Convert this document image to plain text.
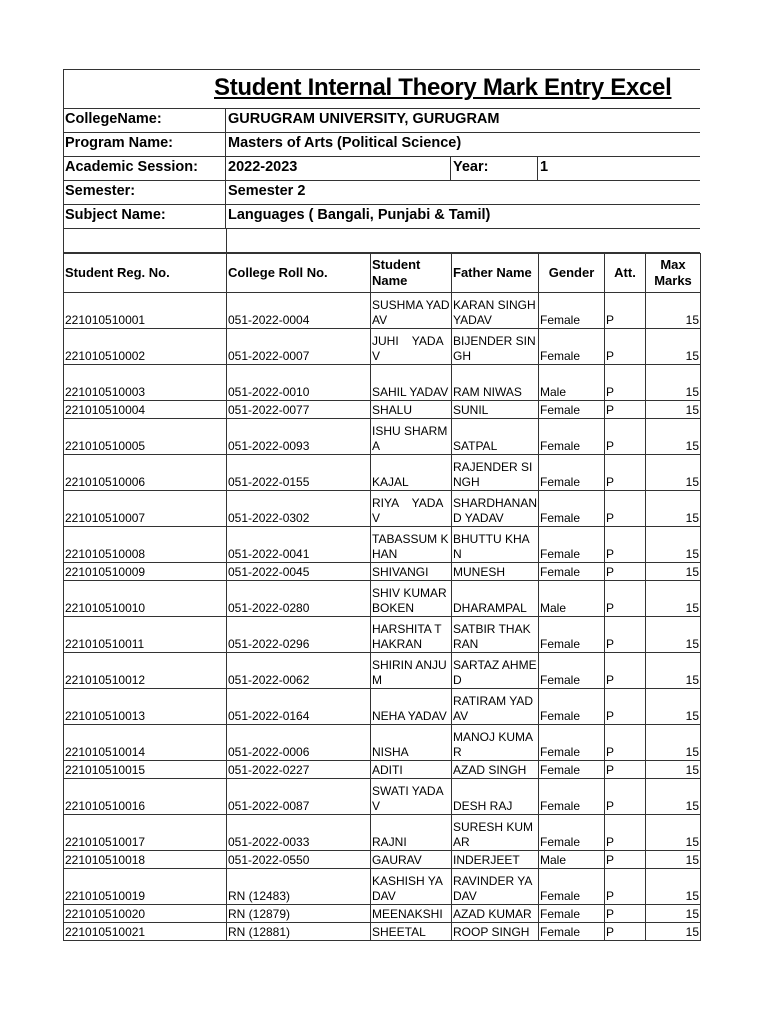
Student Internal Theory Mark Entry Excel
CollegeName:	GURUGRAM UNIVERSITY, GURUGRAM
Program Name:	Masters of Arts (Political Science)
Academic Session:	2022-2023	Year:	1
Semester:	Semester 2
Subject Name:	Languages ( Bangali, Punjabi & Tamil)
Student Reg. No.	College Roll No.	Student Name	Father Name	Gender	Att.	Max Marks
221010510001	051-2022-0004	SUSHMA YADAV	KARAN SINGH YADAV	Female	P	15
221010510002	051-2022-0007	JUHI    YADAV	BIJENDER SINGH	Female	P	15
221010510003	051-2022-0010	SAHIL YADAV	RAM NIWAS	Male	P	15
221010510004	051-2022-0077	SHALU	SUNIL	Female	P	15
221010510005	051-2022-0093	ISHU SHARMA	SATPAL	Female	P	15
221010510006	051-2022-0155	KAJAL	RAJENDER SINGH	Female	P	15
221010510007	051-2022-0302	RIYA    YADAV	SHARDHANAND YADAV	Female	P	15
221010510008	051-2022-0041	TABASSUM KHAN	BHUTTU KHAN	Female	P	15
221010510009	051-2022-0045	SHIVANGI	MUNESH	Female	P	15
221010510010	051-2022-0280	SHIV KUMAR BOKEN	DHARAMPAL	Male	P	15
221010510011	051-2022-0296	HARSHITA THAKRAN	SATBIR THAKRAN	Female	P	15
221010510012	051-2022-0062	SHIRIN ANJUM	SARTAZ AHMED	Female	P	15
221010510013	051-2022-0164	NEHA YADAV	RATIRAM YADAV	Female	P	15
221010510014	051-2022-0006	NISHA	MANOJ KUMAR	Female	P	15
221010510015	051-2022-0227	ADITI	AZAD SINGH	Female	P	15
221010510016	051-2022-0087	SWATI YADAV	DESH RAJ	Female	P	15
221010510017	051-2022-0033	RAJNI	SURESH KUMAR	Female	P	15
221010510018	051-2022-0550	GAURAV	INDERJEET	Male	P	15
221010510019	RN (12483)	KASHISH YADAV	RAVINDER YADAV	Female	P	15
221010510020	RN (12879)	MEENAKSHI	AZAD KUMAR	Female	P	15
221010510021	RN (12881)	SHEETAL	ROOP SINGH	Female	P	15
